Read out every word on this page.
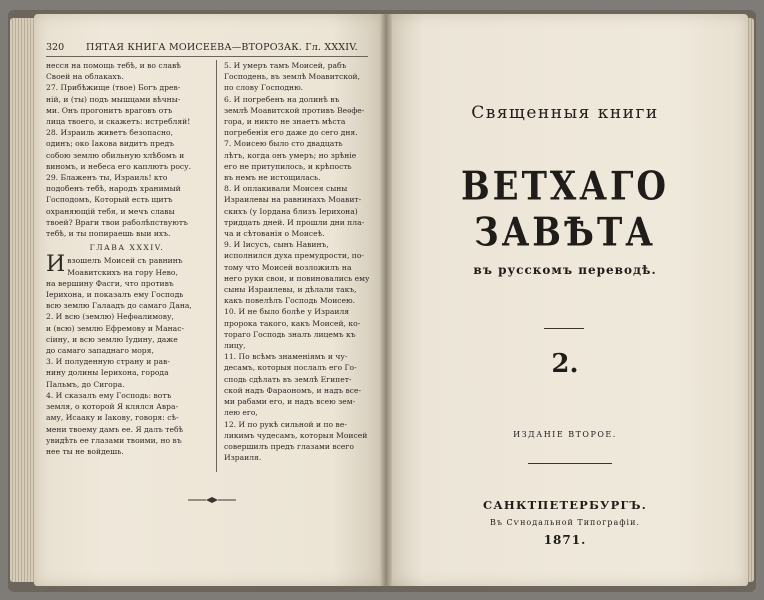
320 ПЯТАЯ КНИГА МОИСЕЕВА—ВТОРОЗАК. Гл. XXXIV.

несся на помощь тебѣ, и во славѣ

Своей на облакахъ.

27. Прибѣжище (твое) Богъ древ-

ній, и (ты) подъ мышцами вѣчны-

ми. Онъ прогонитъ враговъ отъ

лица твоего, и скажетъ: истребляй!

28. Израиль живетъ безопасно,

одинъ; око Іакова видитъ предъ

собою землю обильную хлѣбомъ и

виномъ, и небеса его каплютъ росу.

29. Блаженъ ты, Израиль! кто

подобенъ тебѣ, народъ хранимый

Господомъ, Который есть щитъ

охраняющій тебя, и мечъ славы

твоей? Враги твои раболѣпствуютъ

тебѣ, и ты попираешь выи ихъ.

ГЛАВА XXXIV.

И взошелъ Моисей съ равнинъ

Моавитскихъ на гору Нево,

на вершину Фасги, что противъ

Іерихона, и показалъ ему Господь

всю землю Галаадъ до самаго Дана,

2. И всю (землю) Нефѳалимову,

и (всю) землю Ефремову и Манас-

сіину, и всю землю Іудину, даже

до самаго западнаго моря,

3. И полуденную страну и рав-

нину долины Іерихона, города

Пальмъ, до Сигора.

4. И сказалъ ему Господь: вотъ

земля, о которой Я клялся Авра-

аму, Исааку и Іакову, говоря: сѣ-

мени твоему дамъ ее. Я далъ тебѣ

увидѣть ее глазами твоими, но въ

нее ты не войдешь.

5. И умеръ тамъ Моисей, рабъ

Господень, въ землѣ Моавитской,

по слову Господню.

6. И погребенъ на долинѣ въ

землѣ Моавитской противъ Веѳфе-

гора, и никто не знаетъ мѣста

погребенія его даже до сего дня.

7. Моисею было сто двадцать

лѣтъ, когда онъ умеръ; но зрѣніе

его не притупилось, и крѣпость

въ немъ не истощилась.

8. И оплакивали Моисея сыны

Израилевы на равнинахъ Моавит-

скихъ (у Іордана близъ Іерихона)

тридцать дней. И прошли дни пла-

ча и сѣтованія о Моисеѣ.

9. И Іисусъ, сынъ Навинъ,

исполнился духа премудрости, по-

тому что Моисей возложилъ на

него руки свои, и повиновались ему

сыны Израилевы, и дѣлали такъ,

какъ повелѣлъ Господь Моисею.

10. И не было болѣе у Израиля

пророка такого, какъ Моисей, ко-

тораго Господь зналъ лицемъ къ

лицу,

11. По всѣмъ знаменіямъ и чу-

десамъ, которыя послалъ его Го-

сподь сдѣлать въ землѣ Египет-

ской надъ Фараономъ, и надъ все-

ми рабами его, и надъ всею зем-

лею его,

12. И по рукѣ сильной и по ве-

ликимъ чудесамъ, которыя Моисей

совершилъ предъ глазами всего

Израиля.

Священныя книги
ВЕТХАГО ЗАВѢТА
въ русскомъ переводѣ.
2.
ИЗДАНІЕ ВТОРОЕ.
САНКТПЕТЕРБУРГЪ.
Въ Сѵнодальной Типографіи.
1871.
